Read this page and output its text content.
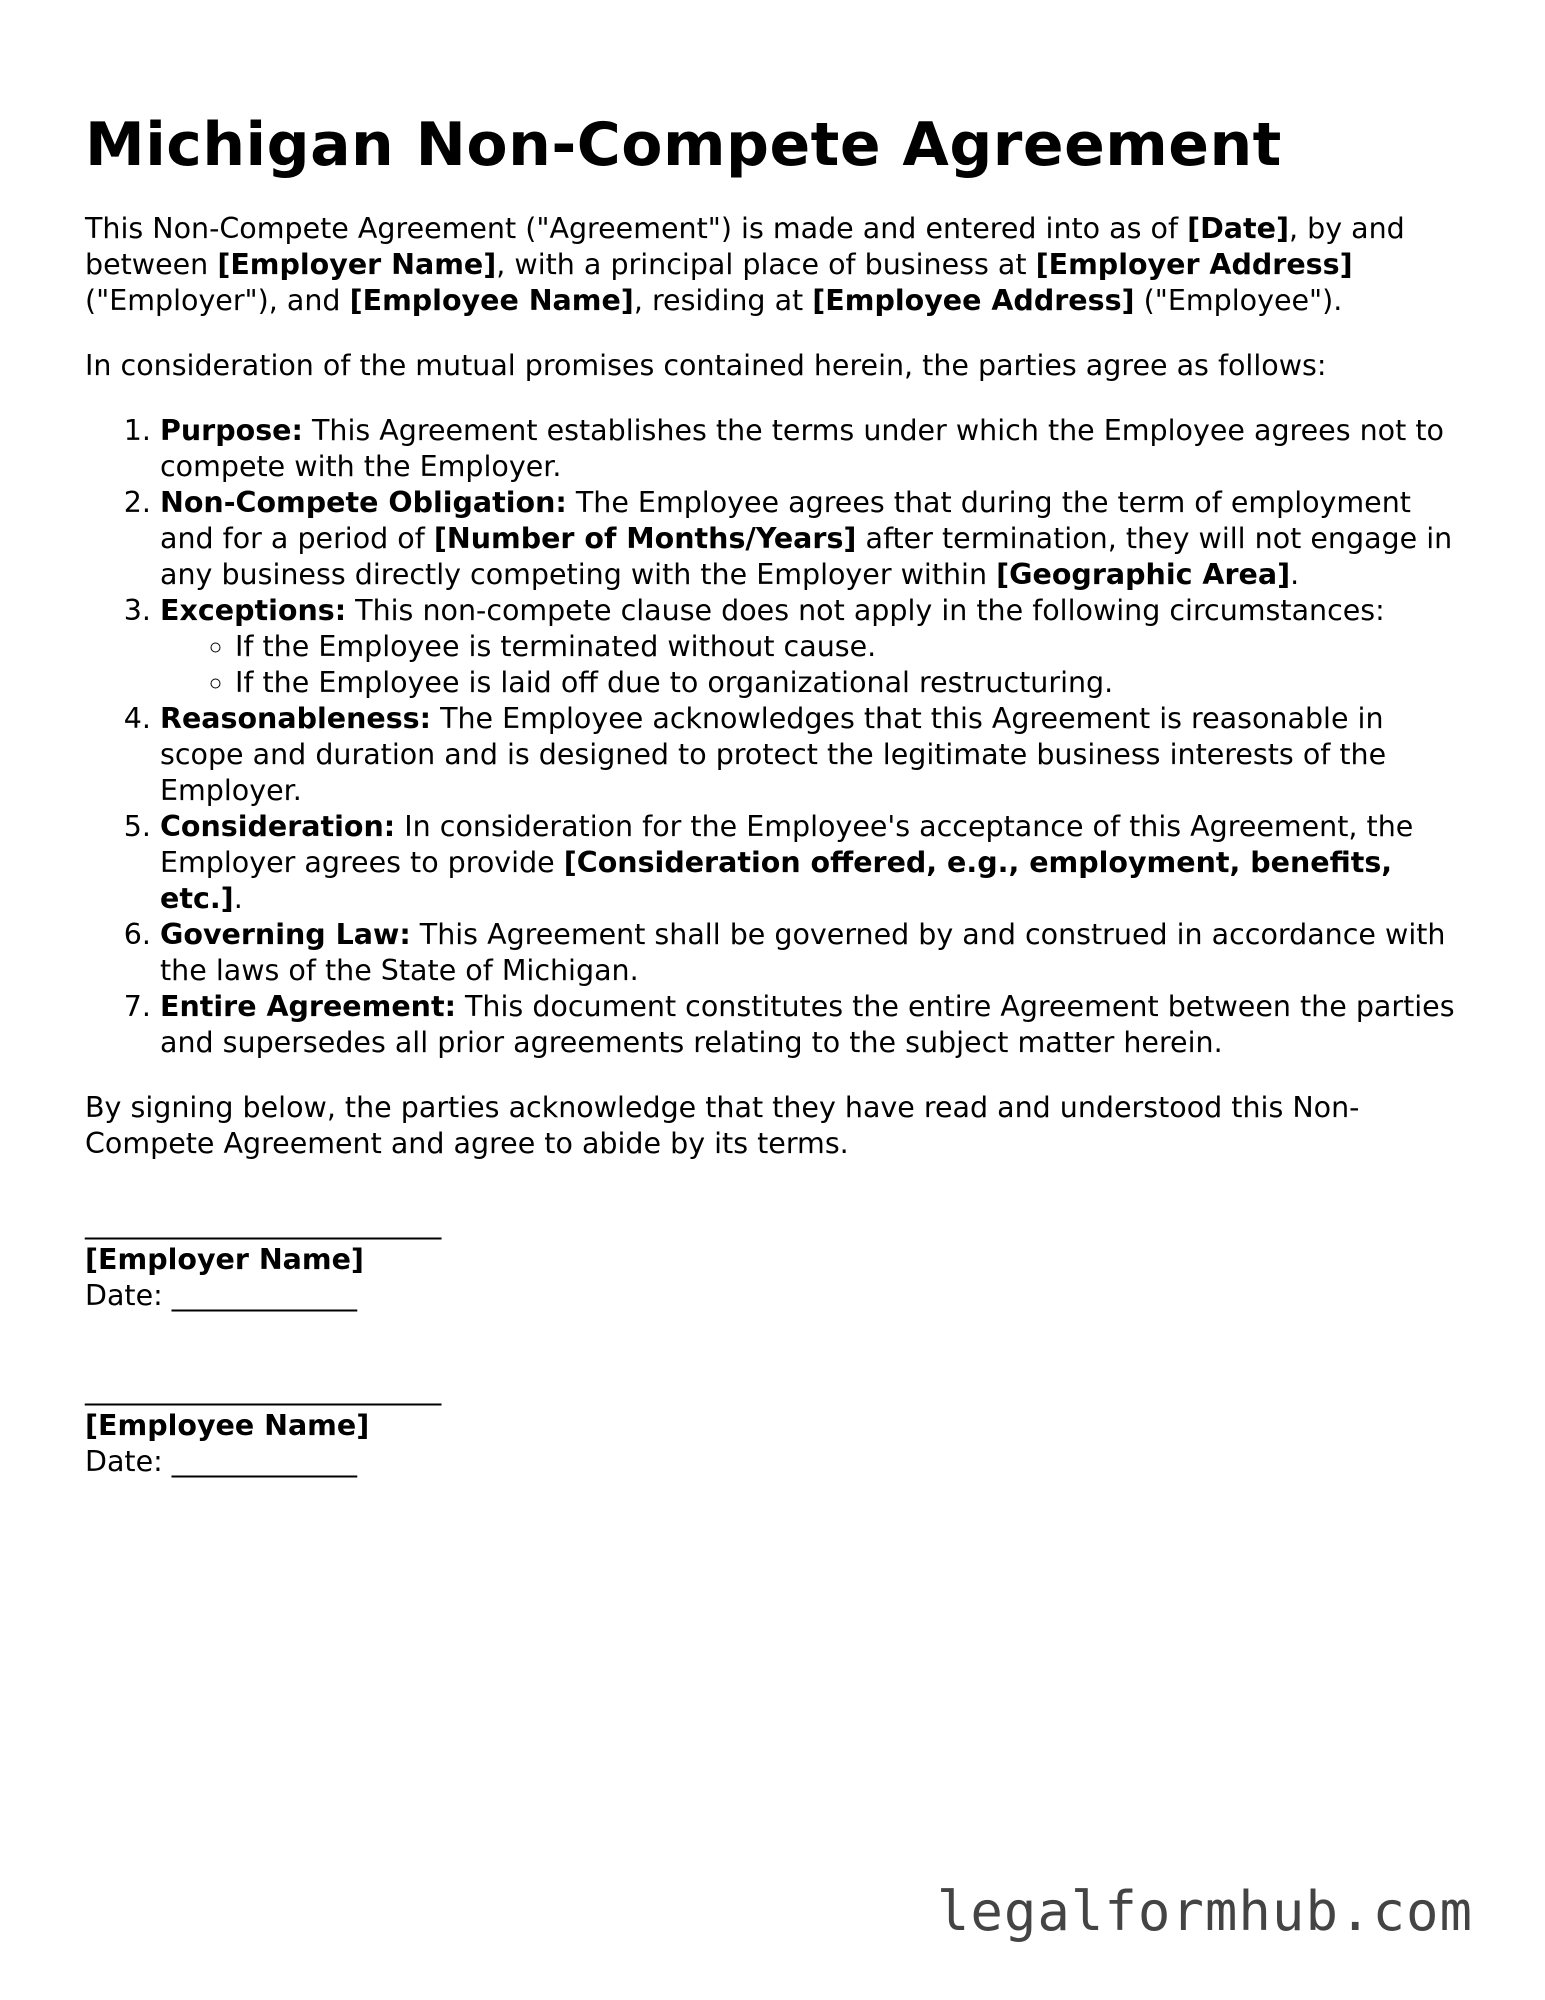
Michigan Non-Compete Agreement

This Non-Compete Agreement ("Agreement") is made and entered into as of [Date], by and between [Employer Name], with a principal place of business at [Employer Address] ("Employer"), and [Employee Name], residing at [Employee Address] ("Employee").

In consideration of the mutual promises contained herein, the parties agree as follows:

1. Purpose: This Agreement establishes the terms under which the Employee agrees not to compete with the Employer.
2. Non-Compete Obligation: The Employee agrees that during the term of employment and for a period of [Number of Months/Years] after termination, they will not engage in any business directly competing with the Employer within [Geographic Area].
3. Exceptions: This non-compete clause does not apply in the following circumstances:
◦ If the Employee is terminated without cause.
◦ If the Employee is laid off due to organizational restructuring.
4. Reasonableness: The Employee acknowledges that this Agreement is reasonable in scope and duration and is designed to protect the legitimate business interests of the Employer.
5. Consideration: In consideration for the Employee's acceptance of this Agreement, the Employer agrees to provide [Consideration offered, e.g., employment, benefits, etc.].
6. Governing Law: This Agreement shall be governed by and construed in accordance with the laws of the State of Michigan.
7. Entire Agreement: This document constitutes the entire Agreement between the parties and supersedes all prior agreements relating to the subject matter herein.

By signing below, the parties acknowledge that they have read and understood this Non-Compete Agreement and agree to abide by its terms.

_________________________
[Employer Name]
Date: _____________
_________________________
[Employee Name]
Date: _____________
legalformhub.com
